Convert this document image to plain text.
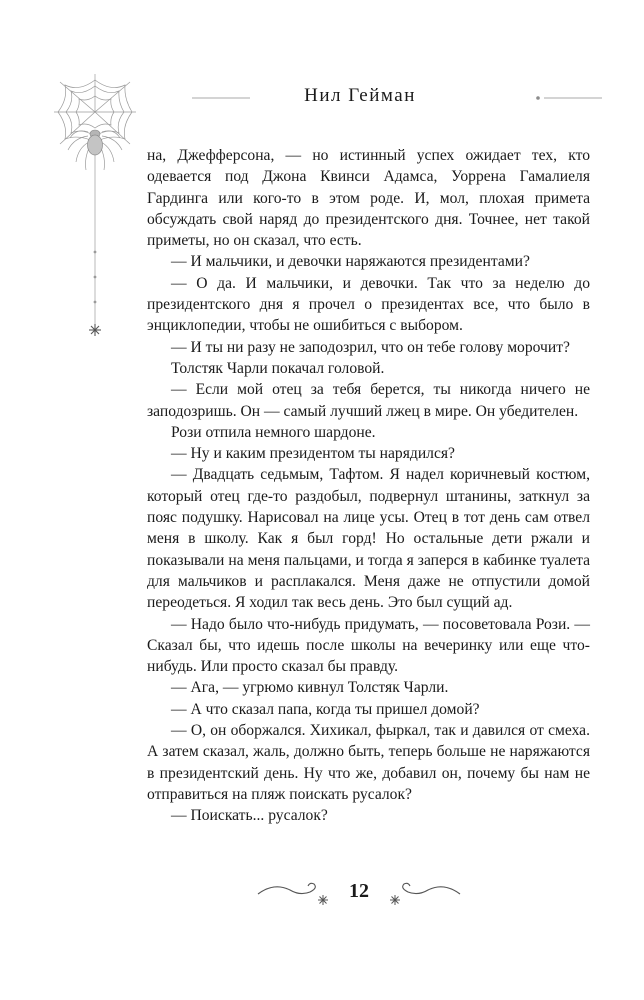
Нил Гейман

на, Джефферсона, — но истинный успех ожидает тех, кто одевается под Джона Квинси Адамса, Уорренa Гамалиеля Гардинга или кого-то в этом роде. И, мол, плохая примета обсуждать свой наряд до президентского дня. Точнее, нет такой приметы, но он сказал, что есть.

— И мальчики, и девочки наряжаются президентами?

— О да. И мальчики, и девочки. Так что за неделю до президентского дня я прочел о президентах все, что было в энциклопедии, чтобы не ошибиться с выбором.

— И ты ни разу не заподозрил, что он тебе голову морочит?

Толстяк Чарли покачал головой.

— Если мой отец за тебя берется, ты никогда ничего не заподозришь. Он — самый лучший лжец в мире. Он убедителен.

Рози отпила немного шардоне.

— Ну и каким президентом ты нарядился?

— Двадцать седьмым, Тафтом. Я надел коричневый костюм, который отец где-то раздобыл, подвернул штанины, заткнул за пояс подушку. Нарисовал на лице усы. Отец в тот день сам отвел меня в школу. Как я был горд! Но остальные дети ржали и показывали на меня пальцами, и тогда я заперся в кабинке туалета для мальчиков и расплакался. Меня даже не отпустили домой переодеться. Я ходил так весь день. Это был сущий ад.

— Надо было что-нибудь придумать, — посоветовала Рози. — Сказал бы, что идешь после школы на вечеринку или еще что-нибудь. Или просто сказал бы правду.

— Ага, — угрюмо кивнул Толстяк Чарли.

— А что сказал папа, когда ты пришел домой?

— О, он оборжался. Хихикал, фыркал, так и давился от смеха. А затем сказал, жаль, должно быть, теперь больше не наряжаются в президентский день. Ну что же, добавил он, почему бы нам не отправиться на пляж поискать русалок?

— Поискать... русалок?

12
